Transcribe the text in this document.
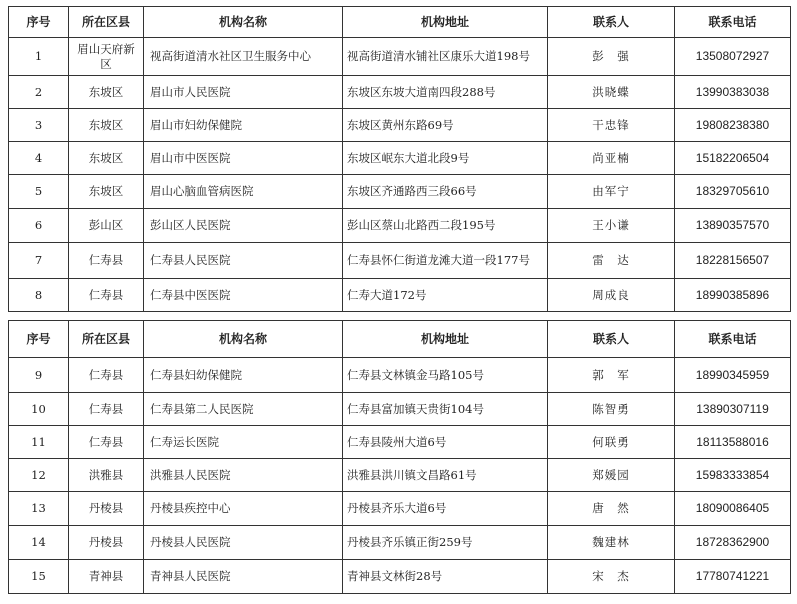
序号	所在区县	机构名称	机构地址	联系人	联系电话
1	眉山天府新区	视高街道清水社区卫生服务中心	视高街道清水铺社区康乐大道198号	彭　强	13508072927
2	东坡区	眉山市人民医院	东坡区东坡大道南四段288号	洪晓蝶	13990383038
3	东坡区	眉山市妇幼保健院	东坡区黄州东路69号	干忠锋	19808238380
4	东坡区	眉山市中医医院	东坡区岷东大道北段9号	尚亚楠	15182206504
5	东坡区	眉山心脑血管病医院	东坡区齐通路西三段66号	由军宁	18329705610
6	彭山区	彭山区人民医院	彭山区蔡山北路西二段195号	王小谦	13890357570
7	仁寿县	仁寿县人民医院	仁寿县怀仁街道龙滩大道一段177号	雷　达	18228156507
8	仁寿县	仁寿县中医医院	仁寿大道172号	周成良	18990385896
序号	所在区县	机构名称	机构地址	联系人	联系电话
9	仁寿县	仁寿县妇幼保健院	仁寿县文林镇金马路105号	郭　军	18990345959
10	仁寿县	仁寿县第二人民医院	仁寿县富加镇天贵街104号	陈智勇	13890307119
11	仁寿县	仁寿运长医院	仁寿县陵州大道6号	何联勇	18113588016
12	洪雅县	洪雅县人民医院	洪雅县洪川镇文昌路61号	郑媛园	15983333854
13	丹棱县	丹棱县疾控中心	丹棱县齐乐大道6号	唐　然	18090086405
14	丹棱县	丹棱县人民医院	丹棱县齐乐镇正街259号	魏建林	18728362900
15	青神县	青神县人民医院	青神县文林街28号	宋　杰	17780741221
